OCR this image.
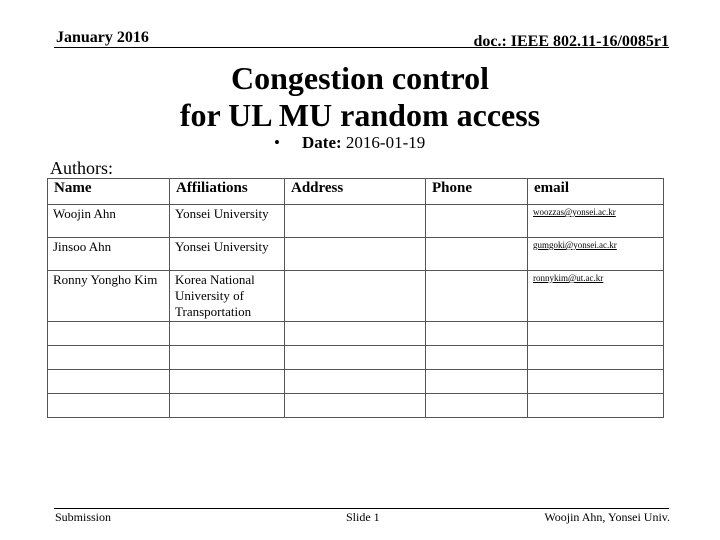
January 2016	doc.: IEEE 802.11-16/0085r1
Congestion control
for UL MU random access
• Date: 2016-01-19
Authors:
Name	Affiliations	Address	Phone	email
Woojin Ahn	Yonsei University			woozzas@yonsei.ac.kr
Jinsoo Ahn	Yonsei University			gumgoki@yonsei.ac.kr
Ronny Yongho Kim	Korea National University of Transportation			ronnykim@ut.ac.kr

Submission	Slide 1	Woojin Ahn, Yonsei Univ.
